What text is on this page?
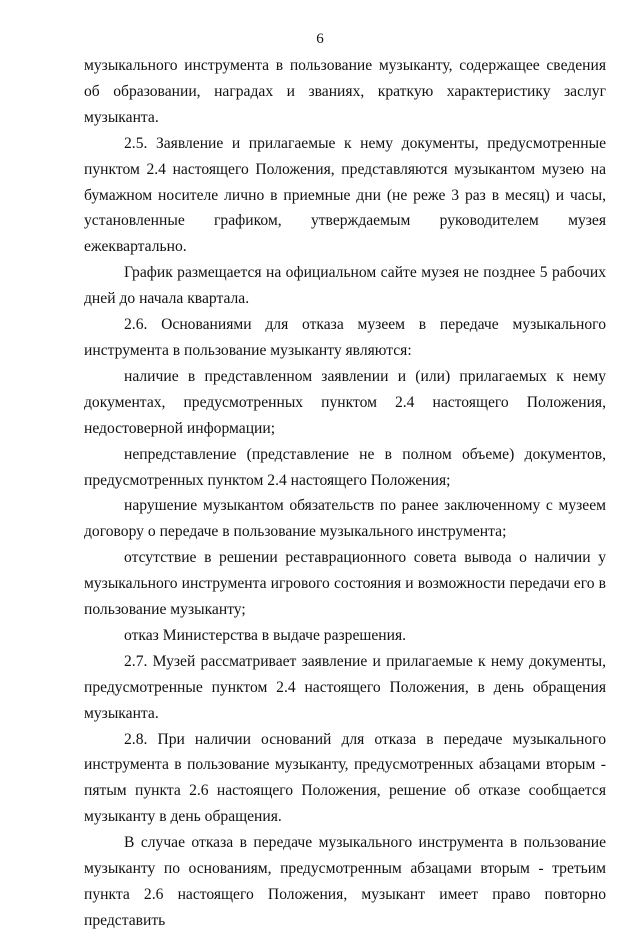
6

музыкального инструмента в пользование музыканту, содержащее сведения об образовании, наградах и званиях, краткую характеристику заслуг музыканта.

2.5. Заявление и прилагаемые к нему документы, предусмотренные пунктом 2.4 настоящего Положения, представляются музыкантом музею на бумажном носителе лично в приемные дни (не реже 3 раз в месяц) и часы, установленные графиком, утверждаемым руководителем музея ежеквартально.

График размещается на официальном сайте музея не позднее 5 рабочих дней до начала квартала.

2.6. Основаниями для отказа музеем в передаче музыкального инструмента в пользование музыканту являются:

наличие в представленном заявлении и (или) прилагаемых к нему документах, предусмотренных пунктом 2.4 настоящего Положения, недостоверной информации;

непредставление (представление не в полном объеме) документов, предусмотренных пунктом 2.4 настоящего Положения;

нарушение музыкантом обязательств по ранее заключенному с музеем договору о передаче в пользование музыкального инструмента;

отсутствие в решении реставрационного совета вывода о наличии у музыкального инструмента игрового состояния и возможности передачи его в пользование музыканту;

отказ Министерства в выдаче разрешения.

2.7. Музей рассматривает заявление и прилагаемые к нему документы, предусмотренные пунктом 2.4 настоящего Положения, в день обращения музыканта.

2.8. При наличии оснований для отказа в передаче музыкального инструмента в пользование музыканту, предусмотренных абзацами вторым - пятым пункта 2.6 настоящего Положения, решение об отказе сообщается музыканту в день обращения.

В случае отказа в передаче музыкального инструмента в пользование музыканту по основаниям, предусмотренным абзацами вторым - третьим пункта 2.6 настоящего Положения, музыкант имеет право повторно представить
